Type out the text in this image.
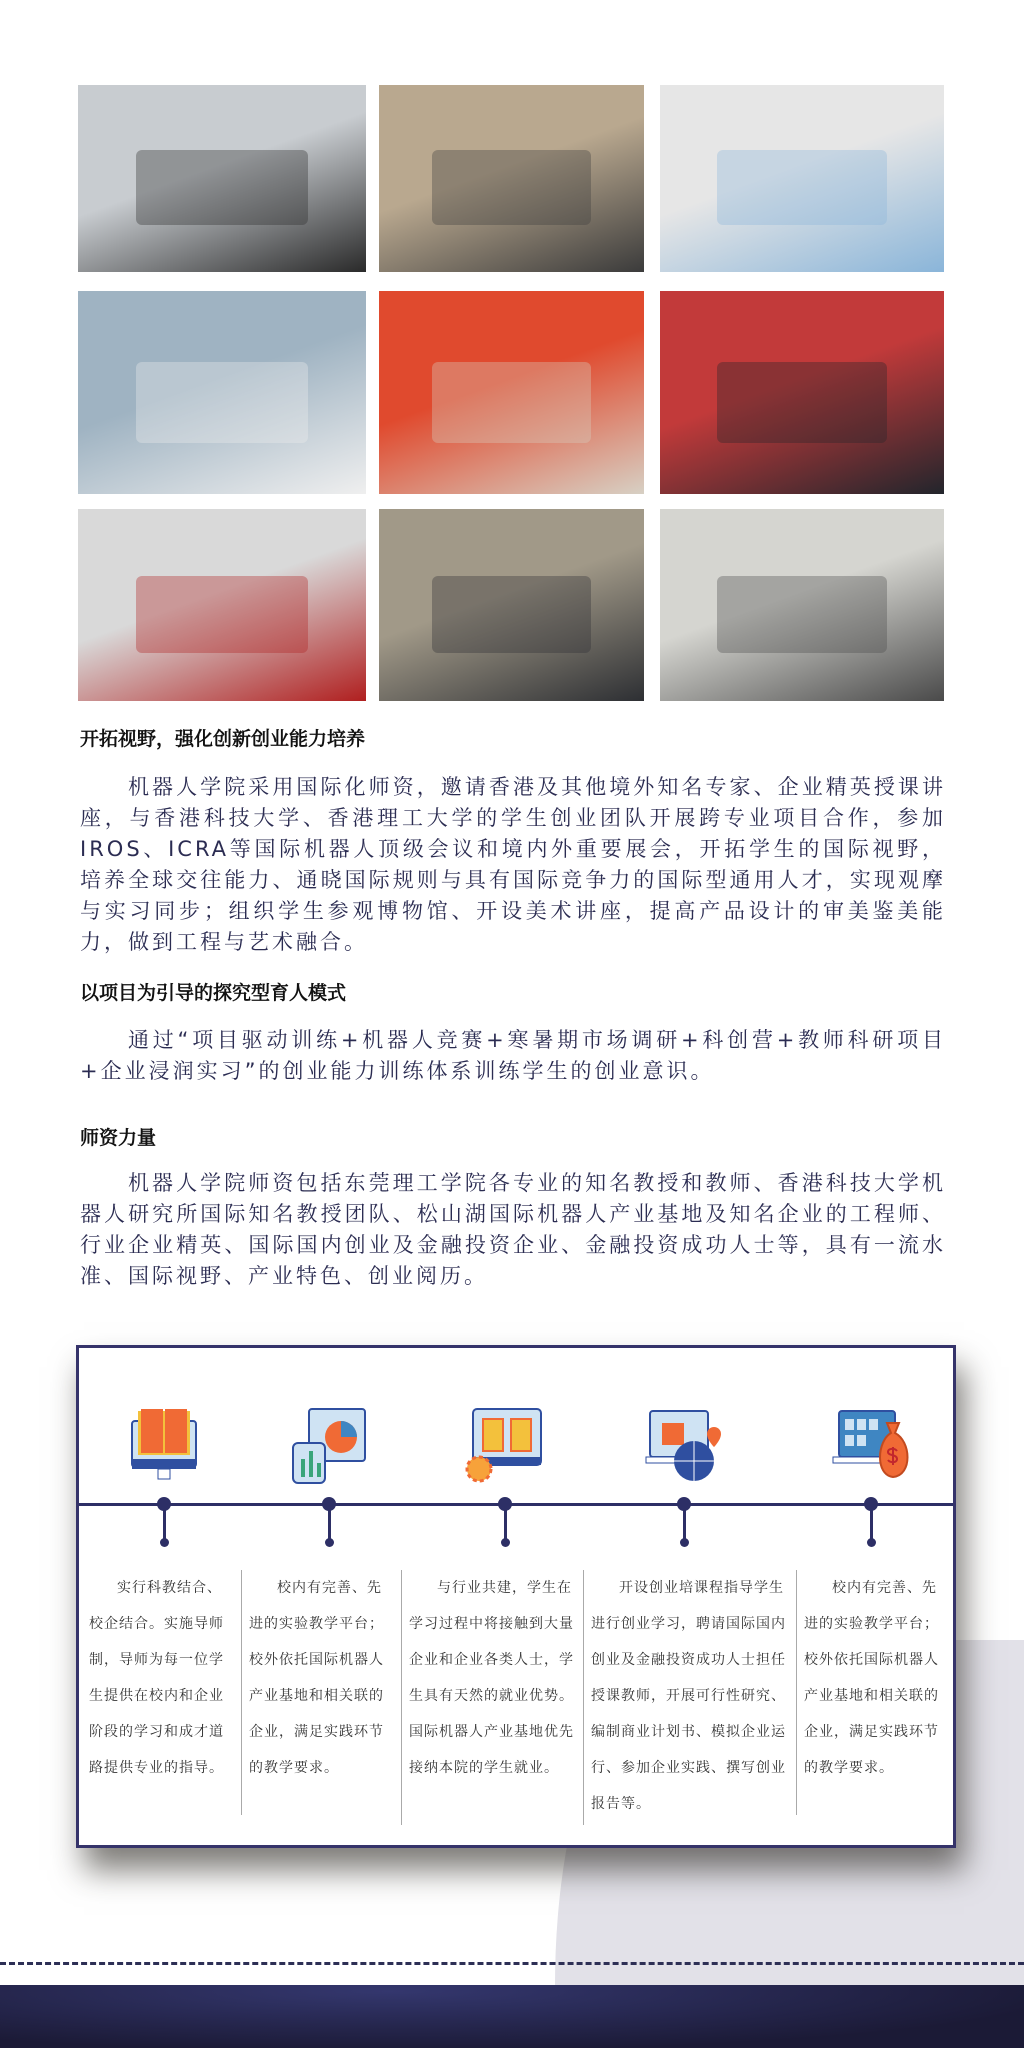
开拓视野，强化创新创业能力培养
机器人学院采用国际化师资，邀请香港及其他境外知名专家、企业精英授课讲座，与香港科技大学、香港理工大学的学生创业团队开展跨专业项目合作，参加IROS、ICRA等国际机器人顶级会议和境内外重要展会，开拓学生的国际视野，培养全球交往能力、通晓国际规则与具有国际竞争力的国际型通用人才，实现观摩与实习同步；组织学生参观博物馆、开设美术讲座，提高产品设计的审美鉴美能力，做到工程与艺术融合。
以项目为引导的探究型育人模式
通过“项目驱动训练+机器人竞赛+寒暑期市场调研+科创营+教师科研项目+企业浸润实习”的创业能力训练体系训练学生的创业意识。
师资力量
机器人学院师资包括东莞理工学院各专业的知名教授和教师、香港科技大学机器人研究所国际知名教授团队、松山湖国际机器人产业基地及知名企业的工程师、行业企业精英、国际国内创业及金融投资企业、金融投资成功人士等，具有一流水准、国际视野、产业特色、创业阅历。
实行科教结合、校企结合。实施导师制，导师为每一位学生提供在校内和企业阶段的学习和成才道路提供专业的指导。
校内有完善、先进的实验教学平台；校外依托国际机器人产业基地和相关联的企业，满足实践环节的教学要求。
与行业共建，学生在学习过程中将接触到大量企业和企业各类人士，学生具有天然的就业优势。国际机器人产业基地优先接纳本院的学生就业。
开设创业培课程指导学生进行创业学习，聘请国际国内创业及金融投资成功人士担任授课教师，开展可行性研究、编制商业计划书、模拟企业运行、参加企业实践、撰写创业报告等。
校内有完善、先进的实验教学平台；校外依托国际机器人产业基地和相关联的企业，满足实践环节的教学要求。
